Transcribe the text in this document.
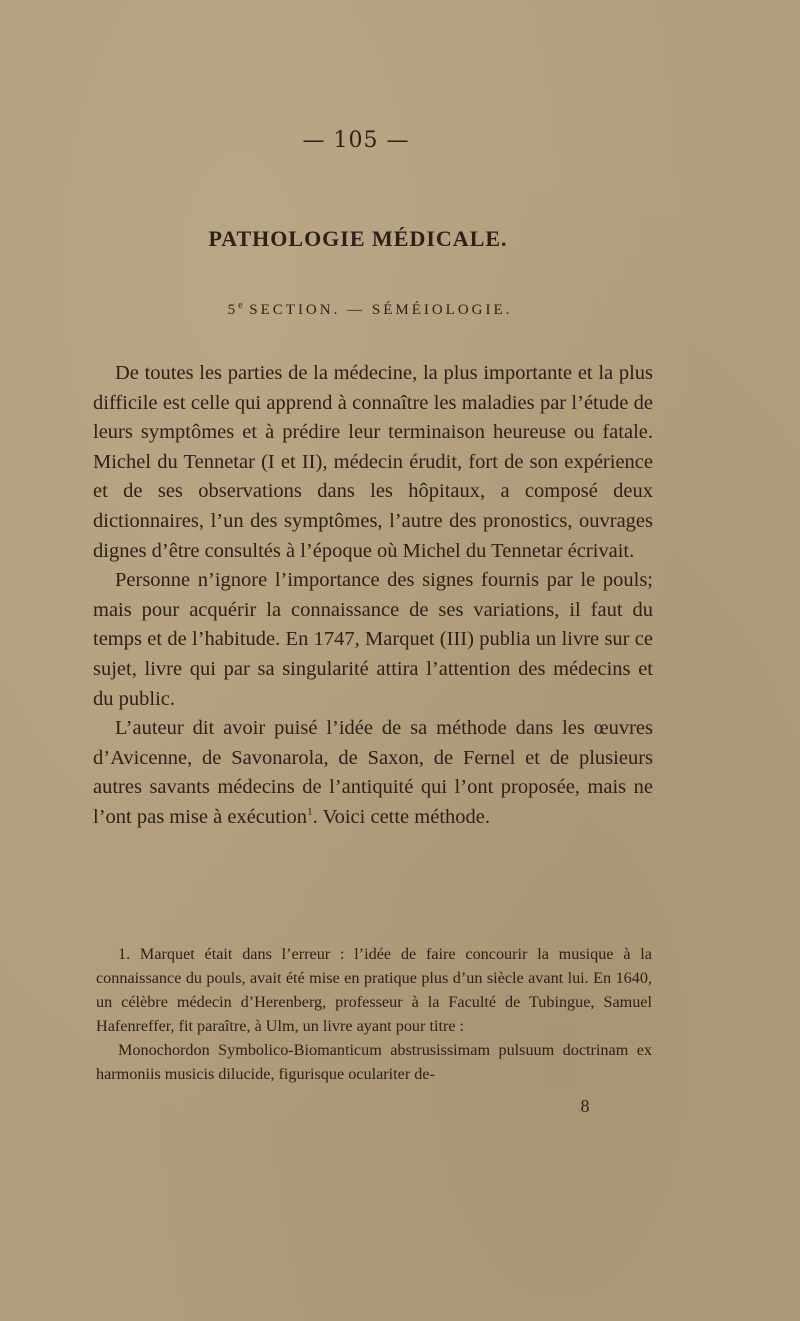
— 105 —
PATHOLOGIE MÉDICALE.
5e SECTION. — SÉMÉIOLOGIE.

De toutes les parties de la médecine, la plus importante et la plus difficile est celle qui apprend à connaître les maladies par l’étude de leurs symptômes et à prédire leur terminaison heureuse ou fatale. Michel du Tennetar (I et II), médecin érudit, fort de son expérience et de ses observations dans les hôpitaux, a composé deux dictionnaires, l’un des symptômes, l’autre des pronostics, ouvrages dignes d’être consultés à l’époque où Michel du Tennetar écrivait.

Personne n’ignore l’importance des signes fournis par le pouls; mais pour acquérir la connaissance de ses variations, il faut du temps et de l’habitude. En 1747, Marquet (III) publia un livre sur ce sujet, livre qui par sa singularité attira l’attention des médecins et du public.

L’auteur dit avoir puisé l’idée de sa méthode dans les œuvres d’Avicenne, de Savonarola, de Saxon, de Fernel et de plusieurs autres savants médecins de l’antiquité qui l’ont proposée, mais ne l’ont pas mise à exécution$^1$. Voici cette méthode.

1. Marquet était dans l’erreur : l’idée de faire concourir la musique à la connaissance du pouls, avait été mise en pratique plus d’un siècle avant lui. En 1640, un célèbre médecin d’Herenberg, professeur à la Faculté de Tubingue, Samuel Hafenreffer, fit paraître, à Ulm, un livre ayant pour titre :

Monochordon Symbolico-Biomanticum abstrusissimam pulsuum doctrinam ex harmoniis musicis dilucide, figurisque oculariter de-

8
